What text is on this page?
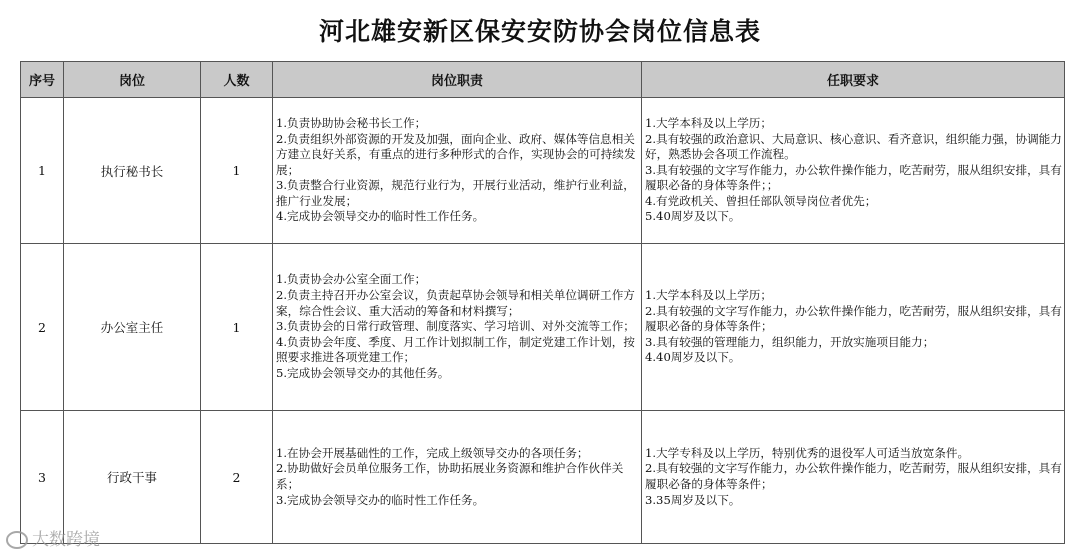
河北雄安新区保安安防协会岗位信息表
序号	岗位	人数	岗位职责	任职要求
1	执行秘书长	1	1.负责协助协会秘书长工作；
2.负责组织外部资源的开发及加强，面向企业、政府、媒体等信息相关方建立良好关系，有重点的进行多种形式的合作，实现协会的可持续发展；
3.负责整合行业资源，规范行业行为，开展行业活动，维护行业利益，推广行业发展；
4.完成协会领导交办的临时性工作任务。	1.大学本科及以上学历；
2.具有较强的政治意识、大局意识、核心意识、看齐意识，组织能力强，协调能力好，熟悉协会各项工作流程。
3.具有较强的文字写作能力，办公软件操作能力，吃苦耐劳，服从组织安排，具有履职必备的身体等条件；；
4.有党政机关、曾担任部队领导岗位者优先；
5.40周岁及以下。

2	办公室主任	1	1.负责协会办公室全面工作；
2.负责主持召开办公室会议，负责起草协会领导和相关单位调研工作方案，综合性会议、重大活动的筹备和材料撰写；
3.负责协会的日常行政管理、制度落实、学习培训、对外交流等工作；
4.负责协会年度、季度、月工作计划拟制工作，制定党建工作计划，按照要求推进各项党建工作；
5.完成协会领导交办的其他任务。	1.大学本科及以上学历；
2.具有较强的文字写作能力，办公软件操作能力，吃苦耐劳，服从组织安排，具有履职必备的身体等条件；
3.具有较强的管理能力，组织能力，开放实施项目能力；
4.40周岁及以下。

3	行政干事	2	1.在协会开展基础性的工作，完成上级领导交办的各项任务；
2.协助做好会员单位服务工作，协助拓展业务资源和维护合作伙伴关系；
3.完成协会领导交办的临时性工作任务。	1.大学专科及以上学历，特别优秀的退役军人可适当放宽条件。
2.具有较强的文字写作能力，办公软件操作能力，吃苦耐劳，服从组织安排，具有履职必备的身体等条件；
3.35周岁及以下。
大数跨境
